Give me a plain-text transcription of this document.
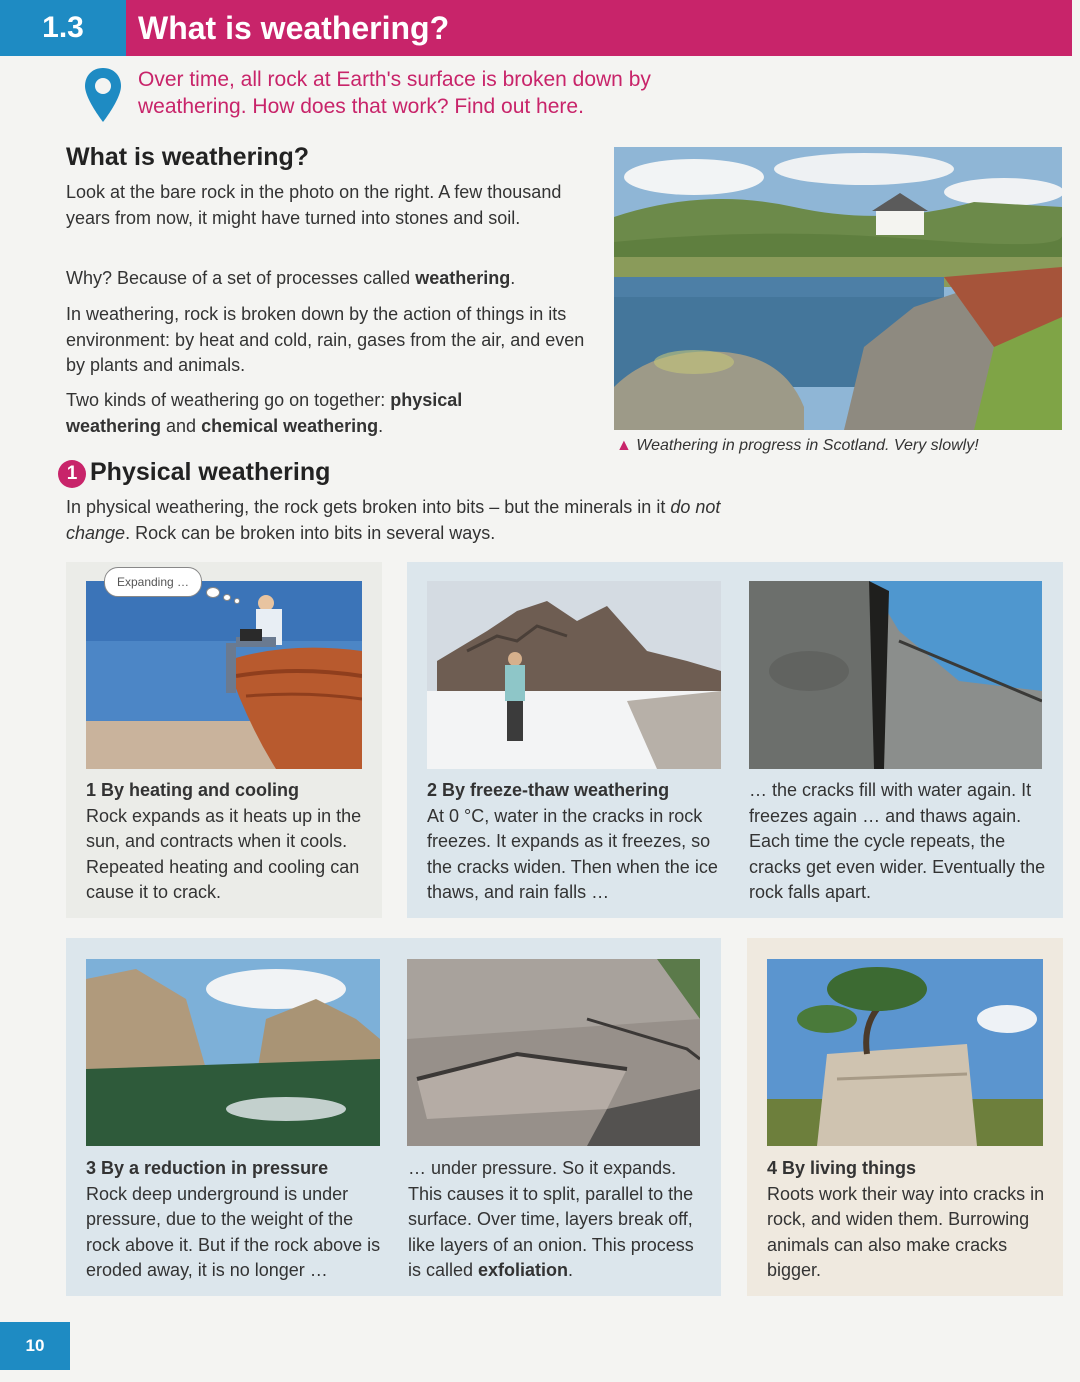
1.3	What is weathering?
Over time, all rock at Earth's surface is broken down by weathering. How does that work? Find out here.
What is weathering?
Look at the bare rock in the photo on the right. A few thousand years from now, it might have turned into stones and soil.
Why? Because of a set of processes called weathering.
In weathering, rock is broken down by the action of things in its environment: by heat and cold, rain, gases from the air, and even by plants and animals.
Two kinds of weathering go on together: physical weathering and chemical weathering.
▲ Weathering in progress in Scotland. Very slowly!
1 Physical weathering
In physical weathering, the rock gets broken into bits – but the minerals in it do not change. Rock can be broken into bits in several ways.
Expanding …
1 By heating and cooling
Rock expands as it heats up in the sun, and contracts when it cools. Repeated heating and cooling can cause it to crack.
2 By freeze-thaw weathering
At 0 °C, water in the cracks in rock freezes. It expands as it freezes, so the cracks widen. Then when the ice thaws, and rain falls …
… the cracks fill with water again. It freezes again … and thaws again. Each time the cycle repeats, the cracks get even wider. Eventually the rock falls apart.
3 By a reduction in pressure
Rock deep underground is under pressure, due to the weight of the rock above it. But if the rock above is eroded away, it is no longer …
… under pressure. So it expands. This causes it to split, parallel to the surface. Over time, layers break off, like layers of an onion. This process is called exfoliation.
4 By living things
Roots work their way into cracks in rock, and widen them. Burrowing animals can also make cracks bigger.
10
